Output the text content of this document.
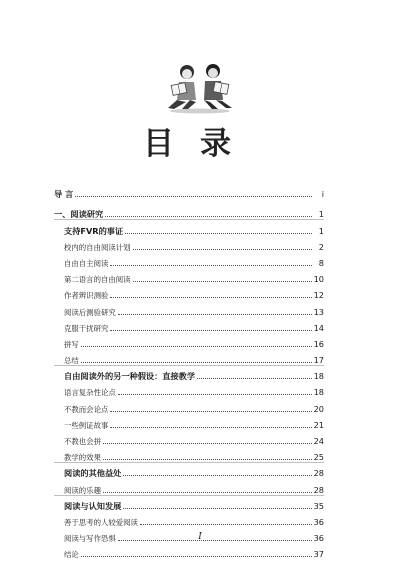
目录
导 言	i
一、阅读研究	1
支持FVR的事证	1
校内的自由阅读计划	2
自由自主阅读	8
第二语言的自由阅读	10
作者辨识测验	12
阅读后测验研究	13
克服干扰研究	14
拼写	16
总结	17
自由阅读外的另一种假设：直接教学	18
语言复杂性论点	18
不教而会论点	20
一些例证故事	21
不教也会拼	24
教学的效果	25
阅读的其他益处	28
阅读的乐趣	28
阅读与认知发展	35
善于思考的人较爱阅读	36
阅读与写作恐惧	36
结论	37
I
